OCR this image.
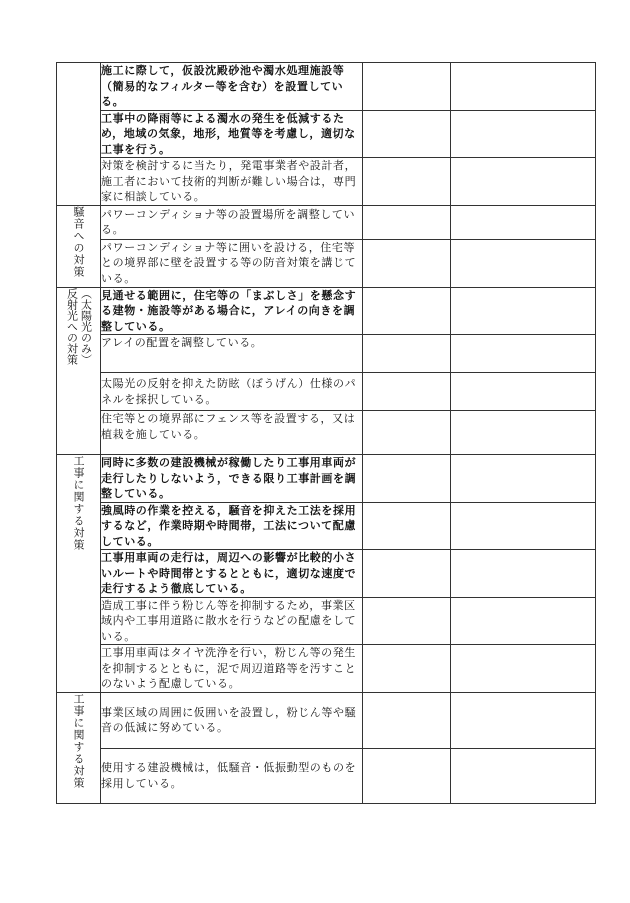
	施工に際して，仮設沈殿砂池や濁水処理施設等（簡易的なフィルター等を含む）を設置している。		
	工事中の降雨等による濁水の発生を低減するため，地域の気象，地形，地質等を考慮し，適切な工事を行う。		
	対策を検討するに当たり，発電事業者や設計者，施工者において技術的判断が難しい場合は，専門家に相談している。		
騒音への対策	パワーコンディショナ等の設置場所を調整している。		
	パワーコンディショナ等に囲いを設ける，住宅等との境界部に壁を設置する等の防音対策を講じている。		
反射光への対策（太陽光のみ）	見通せる範囲に，住宅等の「まぶしさ」を懸念する建物・施設等がある場合に，アレイの向きを調整している。		
	アレイの配置を調整している。		
	太陽光の反射を抑えた防眩（ぼうげん）仕様のパネルを採択している。		
	住宅等との境界部にフェンス等を設置する，又は植栽を施している。		
工事に関する対策	同時に多数の建設機械が稼働したり工事用車両が走行したりしないよう，できる限り工事計画を調整している。		
	強風時の作業を控える，騒音を抑えた工法を採用するなど，作業時期や時間帯，工法について配慮している。		
	工事用車両の走行は，周辺への影響が比較的小さいルートや時間帯とするとともに，適切な速度で走行するよう徹底している。		
	造成工事に伴う粉じん等を抑制するため，事業区域内や工事用道路に散水を行うなどの配慮をしている。		
	工事用車両はタイヤ洗浄を行い，粉じん等の発生を抑制するとともに，泥で周辺道路等を汚すことのないよう配慮している。		
工事に関する対策	事業区域の周囲に仮囲いを設置し，粉じん等や騒音の低減に努めている。		
	使用する建設機械は，低騒音・低振動型のものを採用している。		
